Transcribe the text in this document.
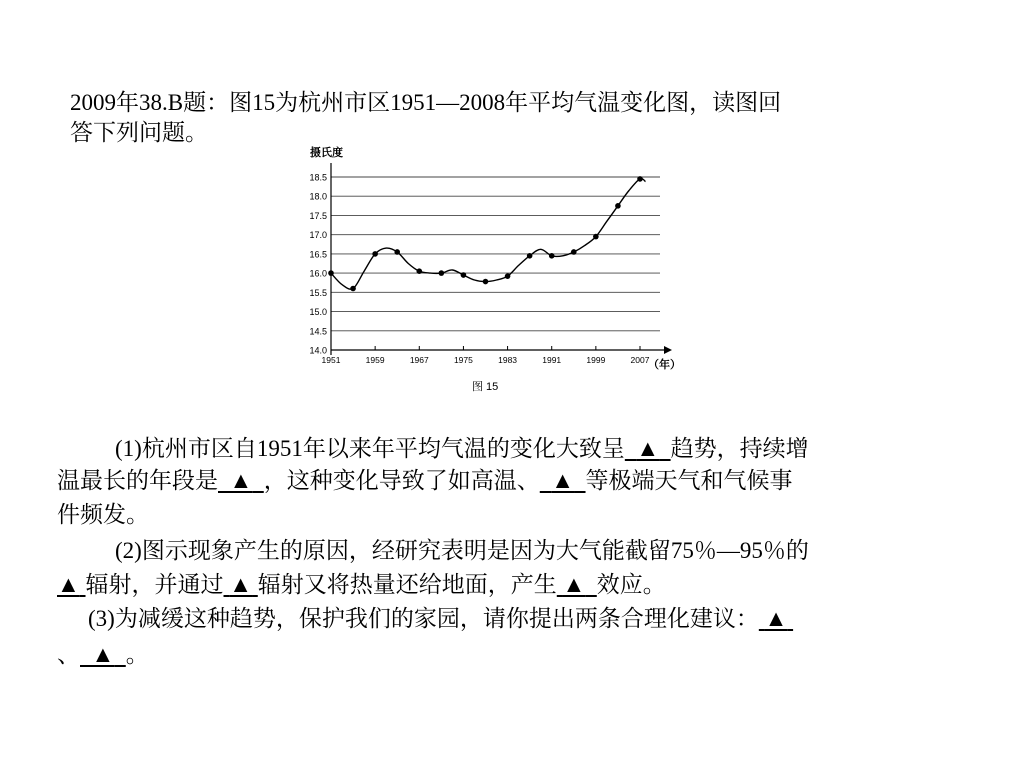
2009年38.B题：图15为杭州市区1951—2008年平均气温变化图，读图回
答下列问题。
摄氏度
14.0
14.5
15.0
15.5
16.0
16.5
17.0
17.5
18.0
18.5
1951	1959	1967	1975	1983	1991	1999	2007
（年）
图 15
(1)杭州市区自1951年以来年平均气温的变化大致呈 ▲ 趋势，持续增
温最长的年段是 ▲ ，这种变化导致了如高温、 ▲ 等极端天气和气候事
件频发。
(2)图示现象产生的原因，经研究表明是因为大气能截留75％—95％的
▲ 辐射，并通过 ▲ 辐射又将热量还给地面，产生 ▲ 效应。
(3)为减缓这种趋势，保护我们的家园，请你提出两条合理化建议： ▲
、 ▲ 。
